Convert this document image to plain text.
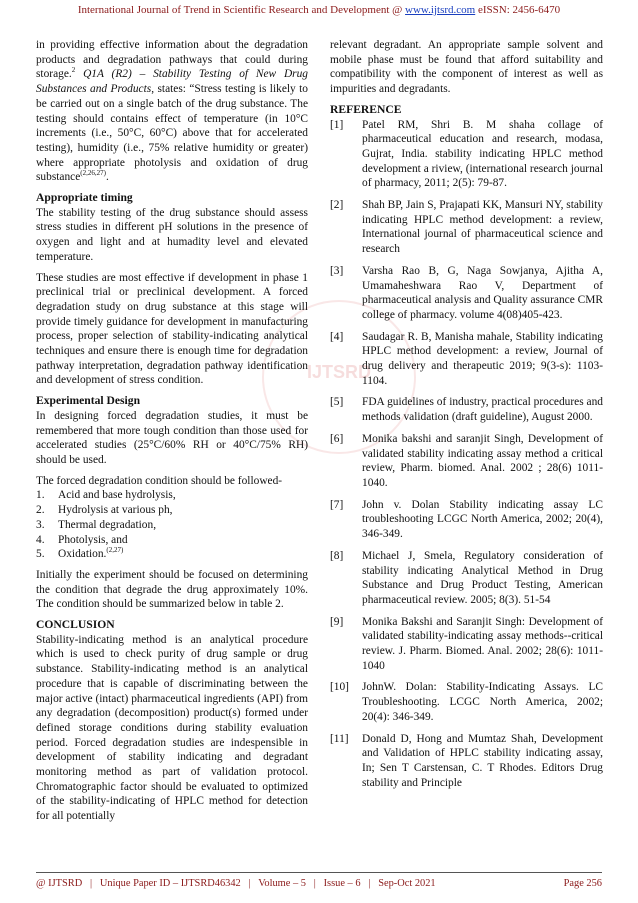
International Journal of Trend in Scientific Research and Development @ www.ijtsrd.com eISSN: 2456-6470
IJTSRD

in providing effective information about the degradation products and degradation pathways that could during storage.$^2$ Q1A (R2) – Stability Testing of New Drug Substances and Products, states: “Stress testing is likely to be carried out on a single batch of the drug substance. The testing should contains effect of temperature (in 10°C increments (i.e., 50°C, 60°C) above that for accelerated testing), humidity (i.e., 75% relative humidity or greater) where appropriate photolysis and oxidation of drug substance$^{(2,26,27)}$.

Appropriate timing

The stability testing of the drug substance should assess stress studies in different pH solutions in the presence of oxygen and light and at humadity level and elevated temperature.

These studies are most effective if development in phase 1 preclinical trial or preclinical development. A forced degradation study on drug substance at this stage will provide timely guidance for development in manufacturing process, proper selection of stability-indicating analytical techniques and ensure there is enough time for degradation pathway interpretation, degradation pathway identification and development of stress condition.

Experimental Design

In designing forced degradation studies, it must be remembered that more tough condition than those used for accelerated studies (25°C/60% RH or 40°C/75% RH) should be used.

The forced degradation condition should be followed-

1.	Acid and base hydrolysis,
2.	Hydrolysis at various ph,
3.	Thermal degradation,
4.	Photolysis, and
5.	Oxidation.$^{(2,27)}$

Initially the experiment should be focused on determining the condition that degrade the drug approximately 10%. The condition should be summarized below in table 2.

CONCLUSION

Stability-indicating method is an analytical procedure which is used to check purity of drug sample or drug substance. Stability-indicating method is an analytical procedure that is capable of discriminating between the major active (intact) pharmaceutical ingredients (API) from any degradation (decomposition) product(s) formed under defined storage conditions during stability evaluation period. Forced degradation studies are indespensible in development of stability indicating and degradant monitoring method as part of validation protocol. Chromatographic factor should be evaluated to optimized of the stability-indicating of HPLC method for detection for all potentially

relevant degradant. An appropriate sample solvent and mobile phase must be found that afford suitability and compatibility with the component of interest as well as impurities and degradants.

REFERENCE
[1]	Patel RM, Shri B. M shaha collage of pharmaceutical education and research, modasa, Gujrat, India. stability indicating HPLC method development a riview, (international research journal of pharmacy, 2011; 2(5): 79-87.
[2]	Shah BP, Jain S, Prajapati KK, Mansuri NY, stability indicating HPLC method development: a review, International journal of pharmaceutical science and research
[3]	Varsha Rao B, G, Naga Sowjanya, Ajitha A, Umamaheshwara Rao V, Department of pharmaceutical analysis and Quality assurance CMR college of pharmacy. volume 4(08)405-423.
[4]	Saudagar R. B, Manisha mahale, Stability indicating HPLC method development: a review, Journal of drug delivery and therapeutic 2019; 9(3-s): 1103-1104.
[5]	FDA guidelines of industry, practical procedures and methods validation (draft guideline), August 2000.
[6]	Monika bakshi and saranjit Singh, Development of validated stability indicating assay method a critical review, Pharm. biomed. Anal. 2002 ; 28(6) 1011-1040.
[7]	John v. Dolan Stability indicating assay LC troubleshooting LCGC North America, 2002; 20(4), 346-349.
[8]	Michael J, Smela, Regulatory consideration of stability indicating Analytical Method in Drug Substance and Drug Product Testing, American pharmaceutical review. 2005; 8(3). 51-54
[9]	Monika Bakshi and Saranjit Singh: Development of validated stability-indicating assay methods--critical review. J. Pharm. Biomed. Anal. 2002; 28(6): 1011-1040
[10]	JohnW. Dolan: Stability-Indicating Assays. LC Troubleshooting. LCGC North America, 2002; 20(4): 346-349.
[11]	Donald D, Hong and Mumtaz Shah, Development and Validation of HPLC stability indicating assay, In; Sen T Carstensan, C. T Rhodes. Editors Drug stability and Principle
@ IJTSRD   |   Unique Paper ID – IJTSRD46342   |   Volume – 5   |   Issue – 6   |   Sep-Oct 2021	Page 256
